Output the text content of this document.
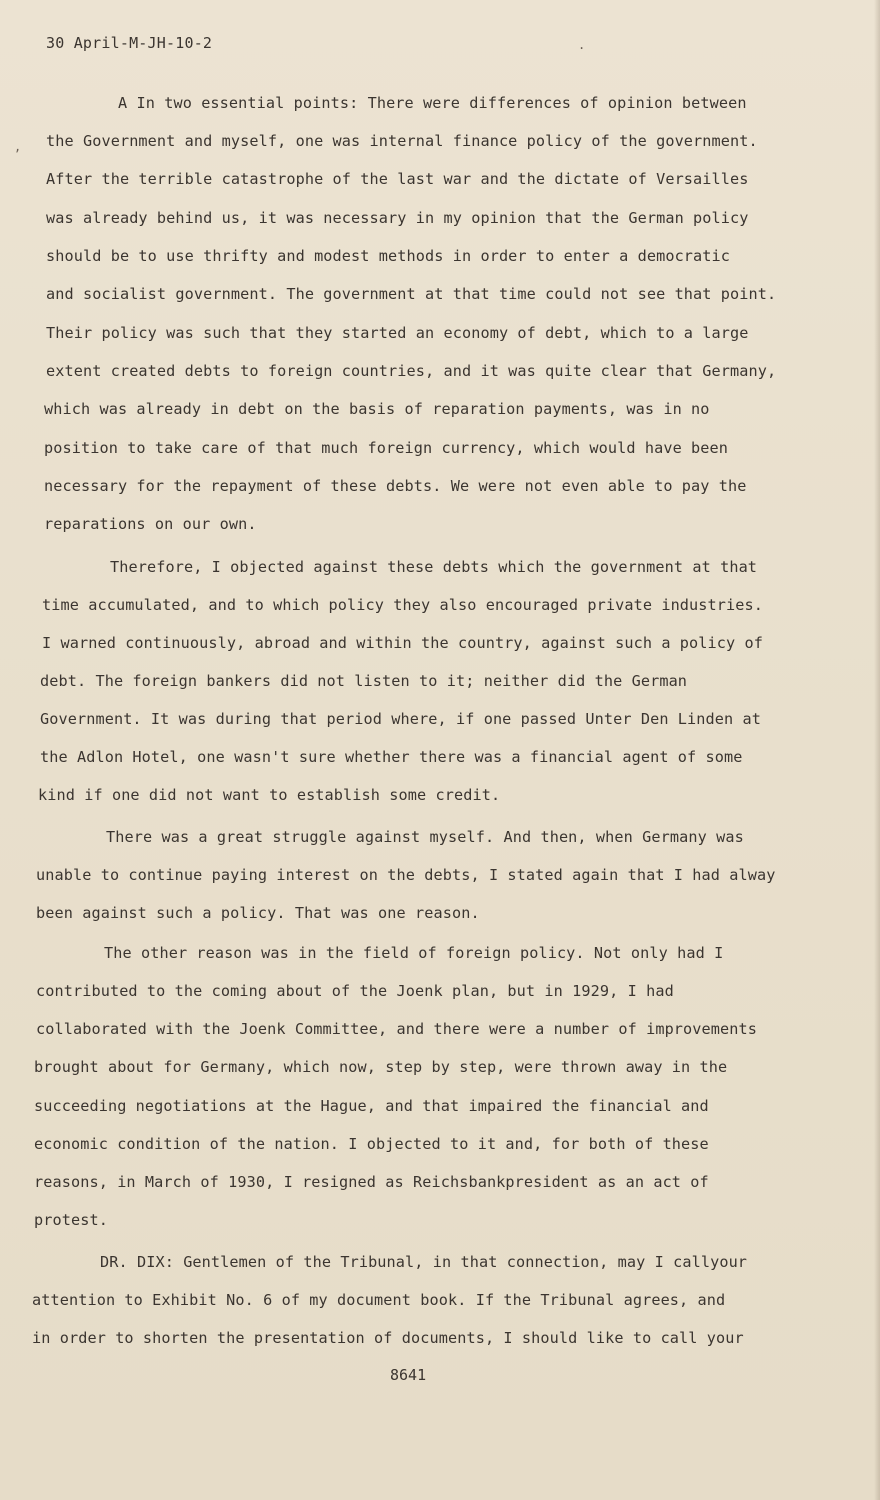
,
.
30 April-M-JH-10-2
A In two essential points: There were differences of opinion between
the Government and myself, one was internal finance policy of the government.
After the terrible catastrophe of the last war and the dictate of Versailles
was already behind us, it was necessary in my opinion that the German policy
should be to use thrifty and modest methods in order to enter a democratic
and socialist government. The government at that time could not see that point.
Their policy was such that they started an economy of debt, which to a large
extent created debts to foreign countries, and it was quite clear that Germany,
which was already in debt on the basis of reparation payments, was in no
position to take care of that much foreign currency, which would have been
necessary for the repayment of these debts. We were not even able to pay the
reparations on our own.
Therefore, I objected against these debts which the government at that
time accumulated, and to which policy they also encouraged private industries.
I warned continuously, abroad and within the country, against such a policy of
debt. The foreign bankers did not listen to it; neither did the German
Government. It was during that period where, if one passed Unter Den Linden at
the Adlon Hotel, one wasn't sure whether there was a financial agent of some
kind if one did not want to establish some credit.
There was a great struggle against myself. And then, when Germany was
unable to continue paying interest on the debts, I stated again that I had alway
been against such a policy. That was one reason.
The other reason was in the field of foreign policy. Not only had I
contributed to the coming about of the Joenk plan, but in 1929, I had
collaborated with the Joenk Committee, and there were a number of improvements
brought about for Germany, which now, step by step, were thrown away in the
succeeding negotiations at the Hague, and that impaired the financial and
economic condition of the nation. I objected to it and, for both of these
reasons, in March of 1930, I resigned as Reichsbankpresident as an act of
protest.
DR. DIX: Gentlemen of the Tribunal, in that connection, may I callyour
attention to Exhibit No. 6 of my document book. If the Tribunal agrees, and
in order to shorten the presentation of documents, I should like to call your
8641
